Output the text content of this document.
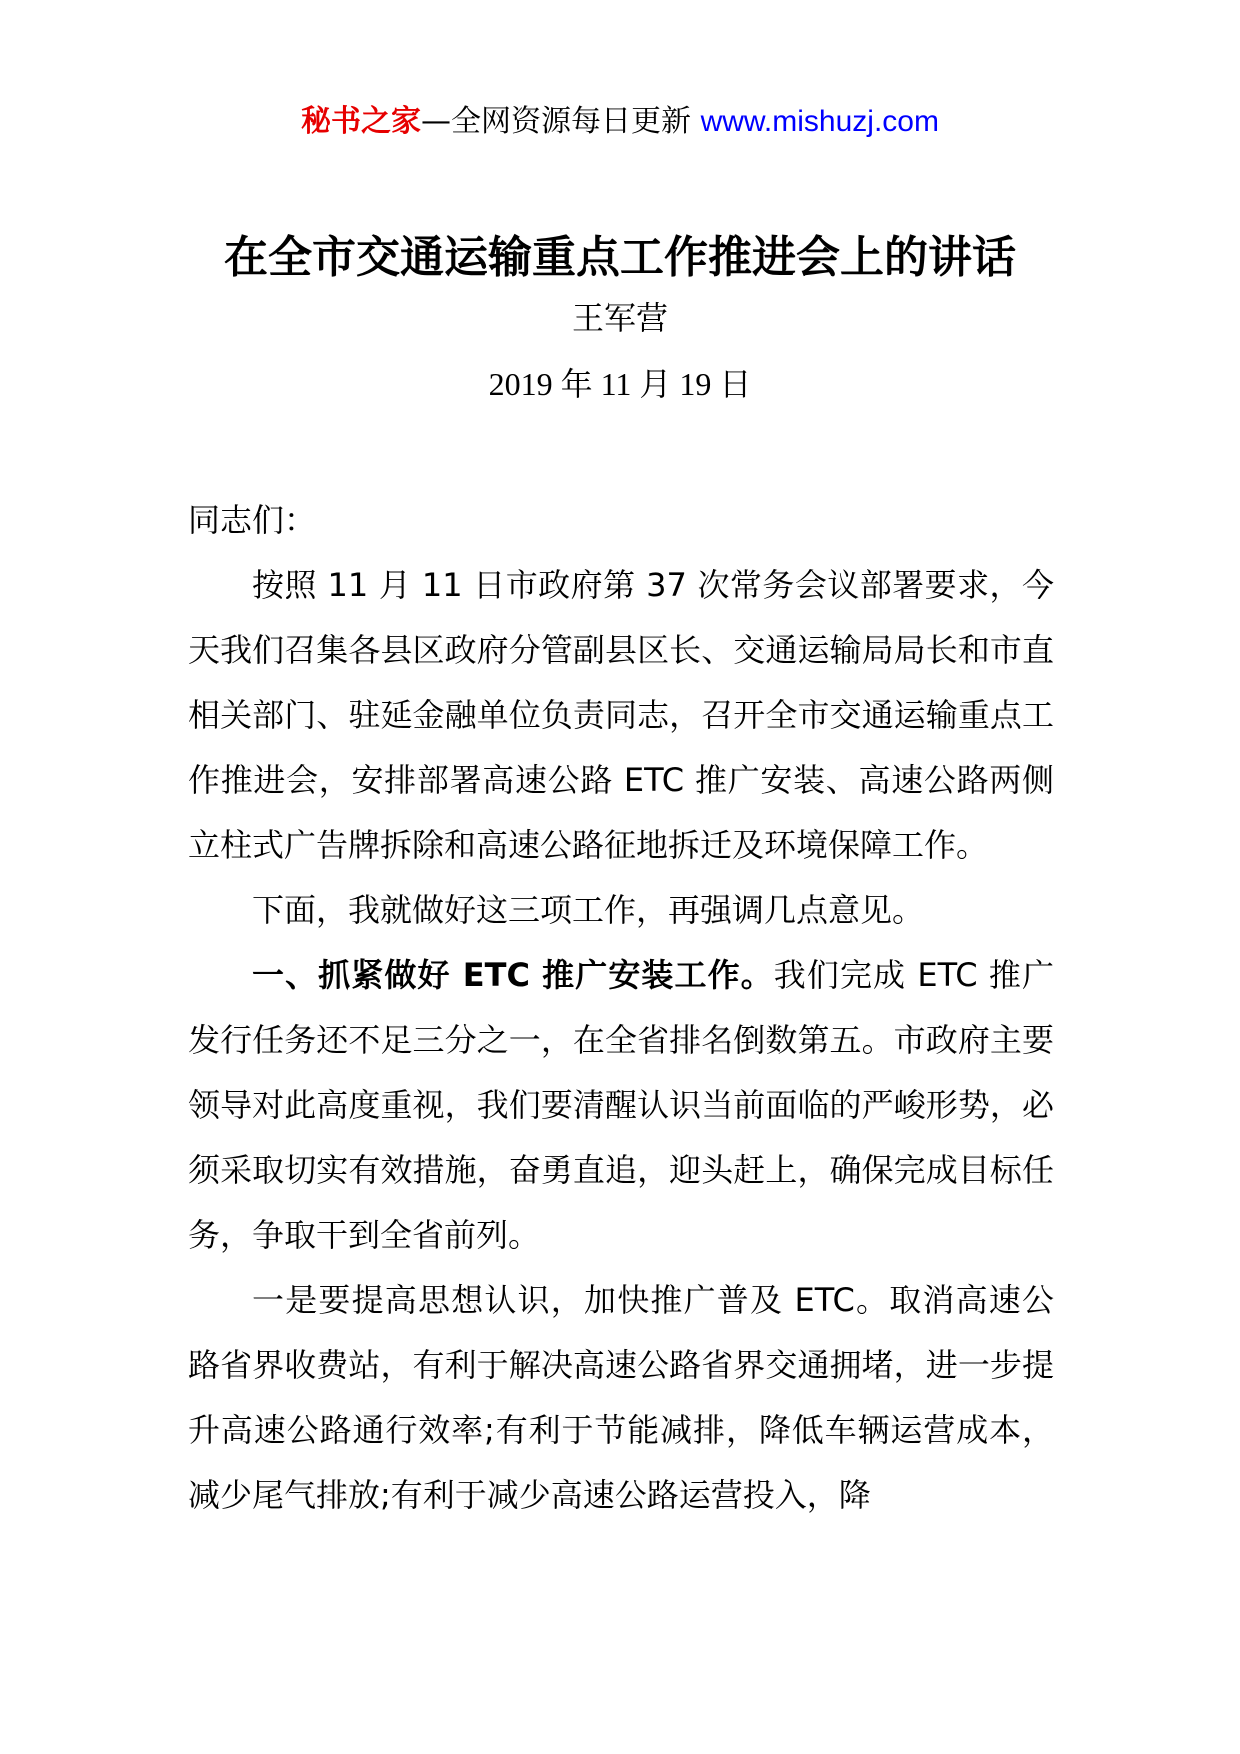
秘书之家—全网资源每日更新 www.mishuzj.com
在全市交通运输重点工作推进会上的讲话
王军营
2019 年 11 月 19 日

同志们：

按照 11 月 11 日市政府第 37 次常务会议部署要求，今天我们召集各县区政府分管副县区长、交通运输局局长和市直相关部门、驻延金融单位负责同志，召开全市交通运输重点工作推进会，安排部署高速公路 ETC 推广安装、高速公路两侧立柱式广告牌拆除和高速公路征地拆迁及环境保障工作。

下面，我就做好这三项工作，再强调几点意见。

一、抓紧做好 ETC 推广安装工作。我们完成 ETC 推广发行任务还不足三分之一，在全省排名倒数第五。市政府主要领导对此高度重视，我们要清醒认识当前面临的严峻形势，必须采取切实有效措施，奋勇直追，迎头赶上，确保完成目标任务，争取干到全省前列。

一是要提高思想认识，加快推广普及 ETC。取消高速公路省界收费站，有利于解决高速公路省界交通拥堵，进一步提升高速公路通行效率;有利于节能减排，降低车辆运营成本，减少尾气排放;有利于减少高速公路运营投入，降
